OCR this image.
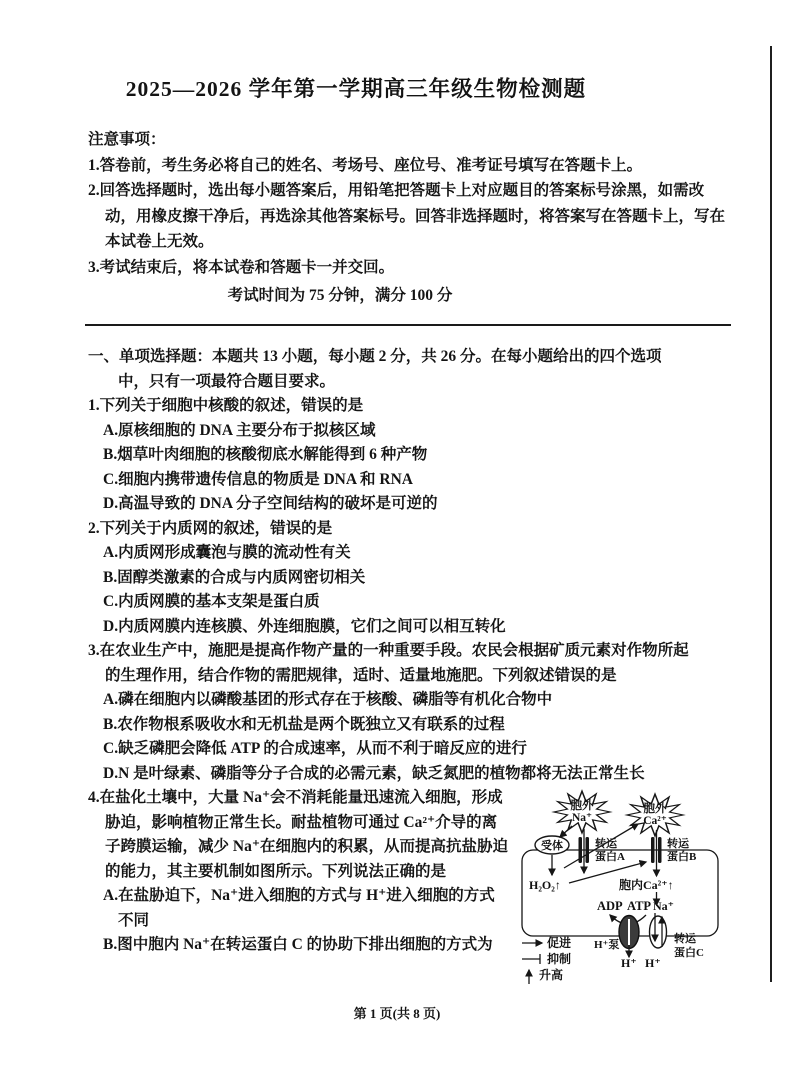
2025—2026 学年第一学期高三年级生物检测题
注意事项：
1.答卷前，考生务必将自己的姓名、考场号、座位号、准考证号填写在答题卡上。
2.回答选择题时，选出每小题答案后，用铅笔把答题卡上对应题目的答案标号涂黑，如需改
动，用橡皮擦干净后，再选涂其他答案标号。回答非选择题时，将答案写在答题卡上，写在
本试卷上无效。
3.考试结束后，将本试卷和答题卡一并交回。
考试时间为 75 分钟，满分 100 分
一、单项选择题：本题共 13 小题，每小题 2 分，共 26 分。在每小题给出的四个选项
中，只有一项最符合题目要求。
1.下列关于细胞中核酸的叙述，错误的是
A.原核细胞的 DNA 主要分布于拟核区域
B.烟草叶肉细胞的核酸彻底水解能得到 6 种产物
C.细胞内携带遗传信息的物质是 DNA 和 RNA
D.高温导致的 DNA 分子空间结构的破坏是可逆的
2.下列关于内质网的叙述，错误的是
A.内质网形成囊泡与膜的流动性有关
B.固醇类激素的合成与内质网密切相关
C.内质网膜的基本支架是蛋白质
D.内质网膜内连核膜、外连细胞膜，它们之间可以相互转化
3.在农业生产中，施肥是提高作物产量的一种重要手段。农民会根据矿质元素对作物所起
的生理作用，结合作物的需肥规律，适时、适量地施肥。下列叙述错误的是
A.磷在细胞内以磷酸基团的形式存在于核酸、磷脂等有机化合物中
B.农作物根系吸收水和无机盐是两个既独立又有联系的过程
C.缺乏磷肥会降低 ATP 的合成速率，从而不利于暗反应的进行
D.N 是叶绿素、磷脂等分子合成的必需元素，缺乏氮肥的植物都将无法正常生长
4.在盐化土壤中，大量 Na⁺会不消耗能量迅速流入细胞，形成
胁迫，影响植物正常生长。耐盐植物可通过 Ca²⁺介导的离
子跨膜运输，减少 Na⁺在细胞内的积累，从而提高抗盐胁迫
的能力，其主要机制如图所示。下列说法正确的是
A.在盐胁迫下，Na⁺进入细胞的方式与 H⁺进入细胞的方式
不同
B.图中胞内 Na⁺在转运蛋白 C 的协助下排出细胞的方式为
胞外
Na⁺
胞外
Ca²⁺
受体	转运
蛋白A
转运
蛋白B
H₂O₂↑	胞内Ca²⁺↑
ADP ATP Na⁺
H⁺泵
H⁺ H⁺
转运
蛋白C
促进
抑制
升高
第 1 页(共 8 页)
